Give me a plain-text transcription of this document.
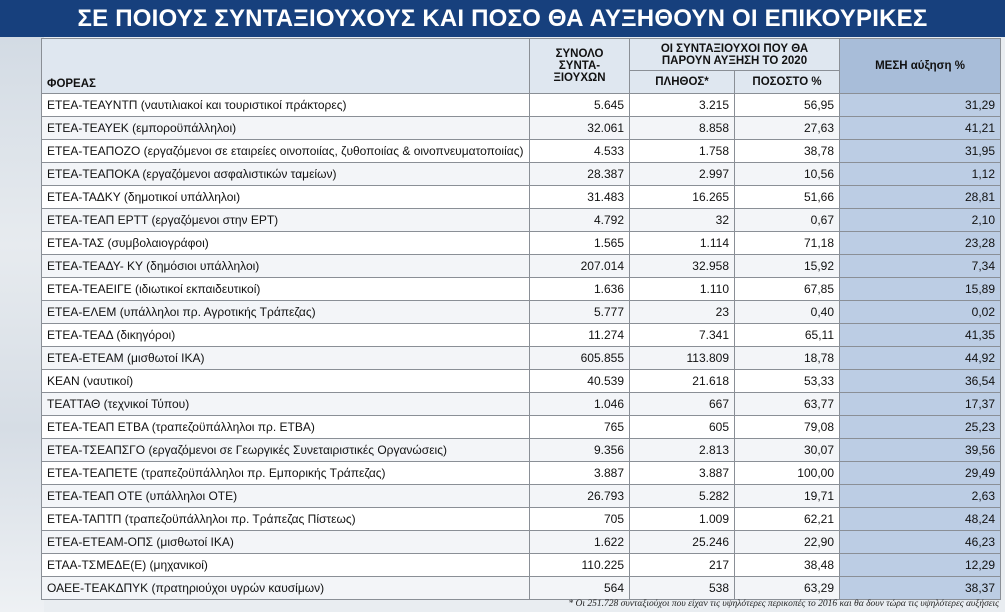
ΣΕ ΠΟΙΟΥΣ ΣΥΝΤΑΞΙΟΥΧΟΥΣ ΚΑΙ ΠΟΣΟ ΘΑ ΑΥΞΗΘΟΥΝ ΟΙ ΕΠΙΚΟΥΡΙΚΕΣ
ΦΟΡΕΑΣ	ΣΥΝΟΛΟ ΣΥΝΤΑ-ΞΙΟΥΧΩΝ	ΟΙ ΣΥΝΤΑΞΙΟΥΧΟΙ ΠΟΥ ΘΑ ΠΑΡΟΥΝ ΑΥΞΗΣΗ ΤΟ 2020		ΜΕΣΗ αύξηση %
		ΠΛΗΘΟΣ*	ΠΟΣΟΣΤΟ %	
ΕΤΕΑ-ΤΕΑΥΝΤΠ (ναυτιλιακοί και τουριστικοί πράκτορες)	5.645	3.215	56,95	31,29
ΕΤΕΑ-ΤΕΑΥΕΚ (εμποροϋπάλληλοι)	32.061	8.858	27,63	41,21
ΕΤΕΑ-ΤΕΑΠΟΖΟ (εργαζόμενοι σε εταιρείες οινοποιίας, ζυθοποιίας & οινοπνευματοποιίας)	4.533	1.758	38,78	31,95
ΕΤΕΑ-ΤΕΑΠΟΚΑ (εργαζόμενοι ασφαλιστικών ταμείων)	28.387	2.997	10,56	1,12
ΕΤΕΑ-ΤΑΔΚΥ (δημοτικοί υπάλληλοι)	31.483	16.265	51,66	28,81
ΕΤΕΑ-ΤΕΑΠ ΕΡΤΤ (εργαζόμενοι στην ΕΡΤ)	4.792	32	0,67	2,10
ΕΤΕΑ-ΤΑΣ (συμβολαιογράφοι)	1.565	1.114	71,18	23,28
ΕΤΕΑ-ΤΕΑΔΥ- ΚΥ (δημόσιοι υπάλληλοι)	207.014	32.958	15,92	7,34
ΕΤΕΑ-ΤΕΑΕΙΓΕ (ιδιωτικοί εκπαιδευτικοί)	1.636	1.110	67,85	15,89
ΕΤΕΑ-ΕΛΕΜ (υπάλληλοι πρ. Αγροτικής Τράπεζας)	5.777	23	0,40	0,02
ΕΤΕΑ-ΤΕΑΔ (δικηγόροι)	11.274	7.341	65,11	41,35
ΕΤΕΑ-ΕΤΕΑΜ (μισθωτοί ΙΚΑ)	605.855	113.809	18,78	44,92
ΚΕΑΝ (ναυτικοί)	40.539	21.618	53,33	36,54
ΤΕΑΤΤΑΘ (τεχνικοί Τύπου)	1.046	667	63,77	17,37
ΕΤΕΑ-ΤΕΑΠ ΕΤΒΑ (τραπεζοϋπάλληλοι πρ. ΕΤΒΑ)	765	605	79,08	25,23
ΕΤΕΑ-ΤΣΕΑΠΣΓΟ (εργαζόμενοι σε Γεωργικές Συνεταιριστικές Οργανώσεις)	9.356	2.813	30,07	39,56
ΕΤΕΑ-ΤΕΑΠΕΤΕ (τραπεζοϋπάλληλοι πρ. Εμπορικής Τράπεζας)	3.887	3.887	100,00	29,49
ΕΤΕΑ-ΤΕΑΠ ΟΤΕ (υπάλληλοι ΟΤΕ)	26.793	5.282	19,71	2,63
ΕΤΕΑ-ΤΑΠΤΠ (τραπεζοϋπάλληλοι πρ. Τράπεζας Πίστεως)	705	1.009	62,21	48,24
ΕΤΕΑ-ΕΤΕΑΜ-ΟΠΣ (μισθωτοί ΙΚΑ)	1.622	25.246	22,90	46,23
ΕΤΑΑ-ΤΣΜΕΔΕ(Ε) (μηχανικοί)	110.225	217	38,48	12,29
ΟΑΕΕ-ΤΕΑΚΔΠΥΚ (πρατηριούχοι υγρών καυσίμων)	564	538	63,29	38,37
* Οι 251.728 συνταξιούχοι που είχαν τις υψηλότερες περικοπές το 2016 και θα δουν τώρα τις υψηλότερες αυξήσεις
